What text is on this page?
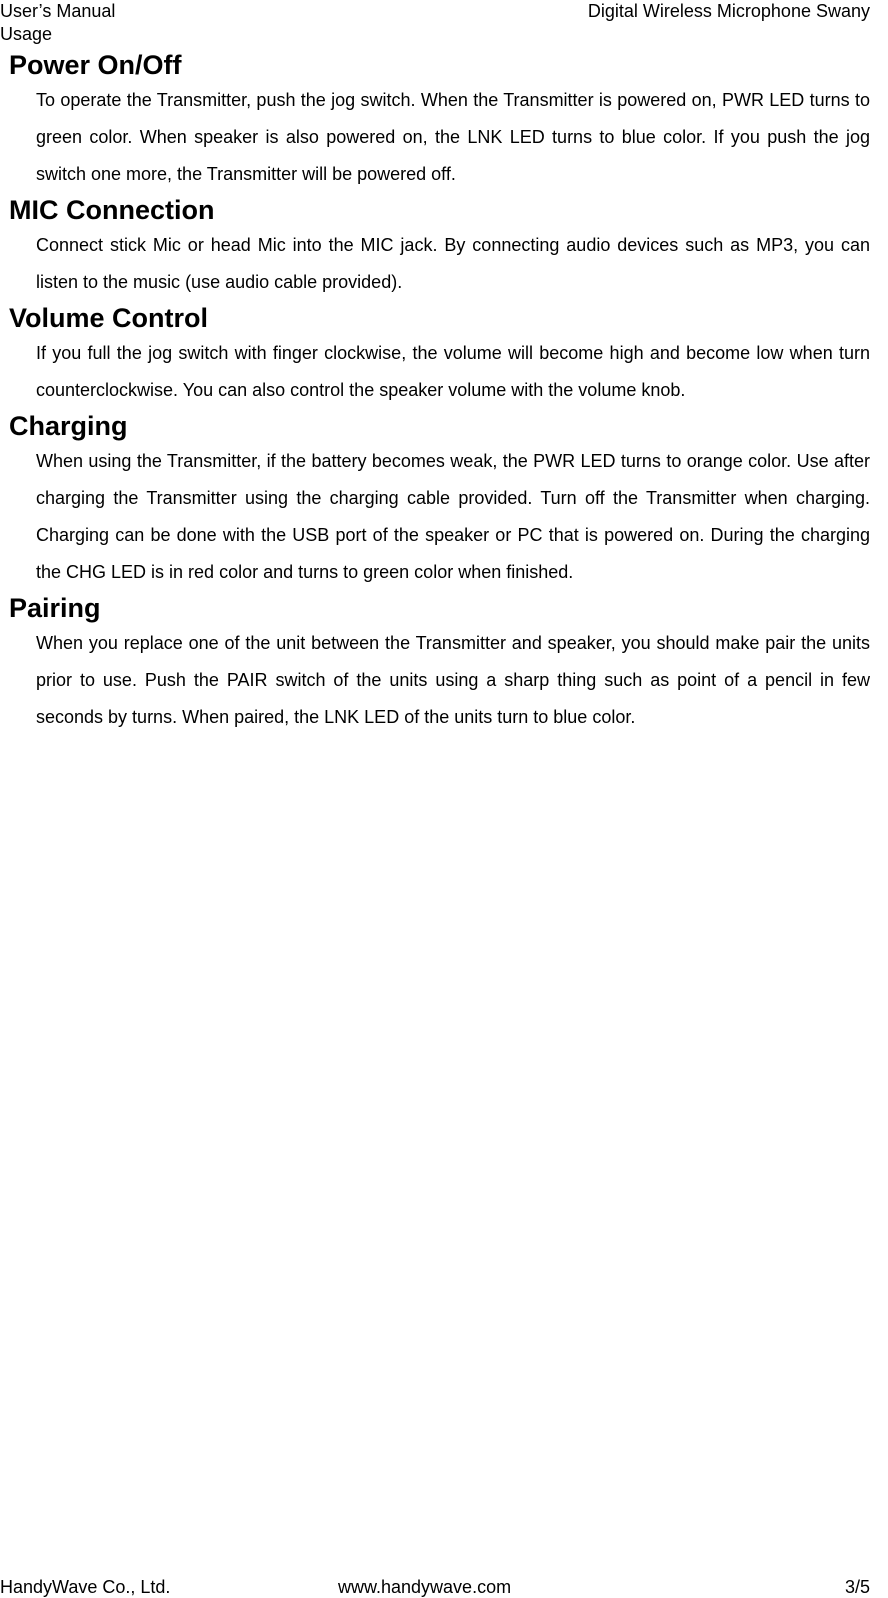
User’s Manual
Usage
Digital Wireless Microphone Swany
Power On/Off

To operate the Transmitter, push the jog switch. When the Transmitter is powered on, PWR LED turns to green color. When speaker is also powered on, the LNK LED turns to blue color. If you push the jog switch one more, the Transmitter will be powered off.

MIC Connection

Connect stick Mic or head Mic into the MIC jack. By connecting audio devices such as MP3, you can listen to the music (use audio cable provided).

Volume Control

If you full the jog switch with finger clockwise, the volume will become high and become low when turn counterclockwise. You can also control the speaker volume with the volume knob.

Charging

When using the Transmitter, if the battery becomes weak, the PWR LED turns to orange color. Use after charging the Transmitter using the charging cable provided. Turn off the Transmitter when charging. Charging can be done with the USB port of the speaker or PC that is powered on. During the charging the CHG LED is in red color and turns to green color when finished.

Pairing

When you replace one of the unit between the Transmitter and speaker, you should make pair the units prior to use. Push the PAIR switch of the units using a sharp thing such as point of a pencil in few seconds by turns. When paired, the LNK LED of the units turn to blue color.

HandyWave Co., Ltd.	www.handywave.com	3/5
